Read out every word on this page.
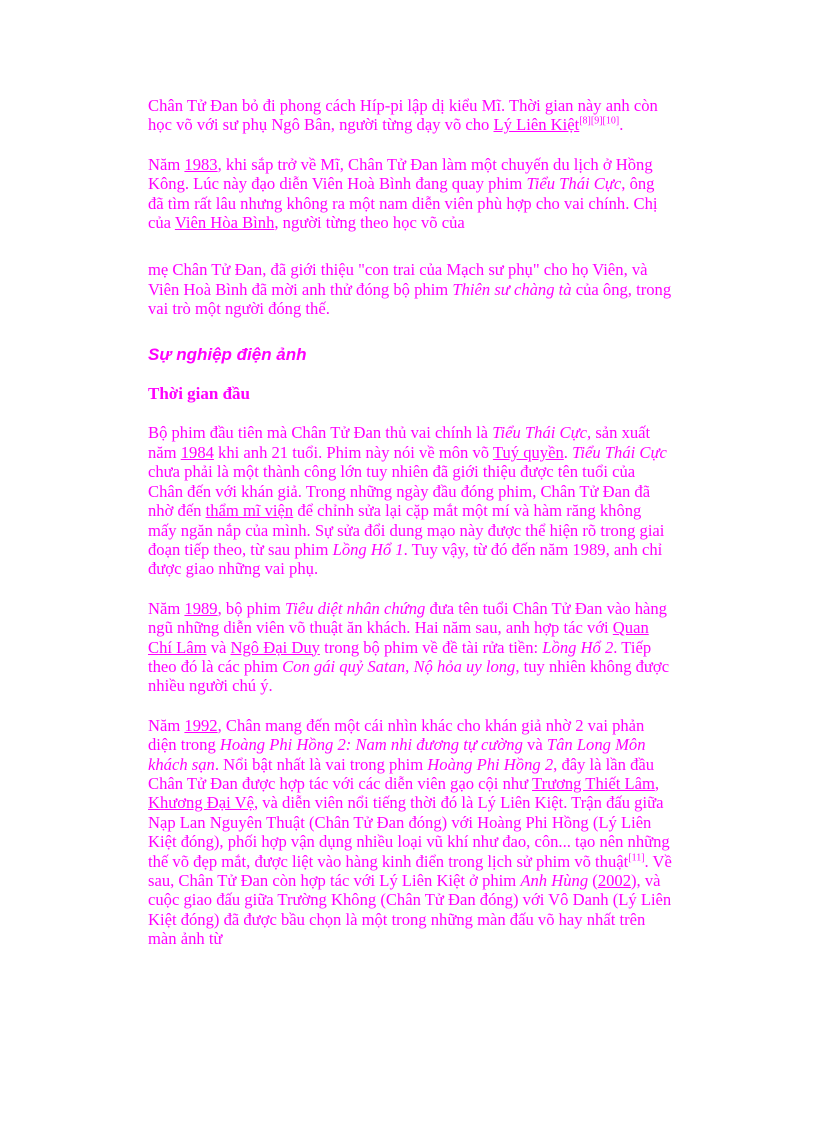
Chân Tử Đan bỏ đi phong cách Híp-pi lập dị kiểu Mĩ. Thời gian này anh còn học võ với sư phụ Ngô Bân, người từng dạy võ cho Lý Liên Kiệt[8][9][10].

Năm 1983, khi sắp trở về Mĩ, Chân Tử Đan làm một chuyến du lịch ở Hồng Kông. Lúc này đạo diễn Viên Hoà Bình đang quay phim Tiểu Thái Cực, ông đã tìm rất lâu nhưng không ra một nam diễn viên phù hợp cho vai chính. Chị của Viên Hòa Bình, người từng theo học võ của

mẹ Chân Tử Đan, đã giới thiệu "con trai của Mạch sư phụ" cho họ Viên, và Viên Hoà Bình đã mời anh thử đóng bộ phim Thiên sư chàng tà của ông, trong vai trò một người đóng thế.

Sự nghiệp điện ảnh
Thời gian đầu

Bộ phim đầu tiên mà Chân Tử Đan thủ vai chính là Tiểu Thái Cực, sản xuất năm 1984 khi anh 21 tuổi. Phim này nói về môn võ Tuý quyền. Tiểu Thái Cực chưa phải là một thành công lớn tuy nhiên đã giới thiệu được tên tuổi của Chân đến với khán giả. Trong những ngày đầu đóng phim, Chân Tử Đan đã nhờ đến thẩm mĩ viện để chỉnh sửa lại cặp mắt một mí và hàm răng không mấy ngăn nắp của mình. Sự sửa đổi dung mạo này được thể hiện rõ trong giai đoạn tiếp theo, từ sau phim Lồng Hổ 1. Tuy vậy, từ đó đến năm 1989, anh chỉ được giao những vai phụ.

Năm 1989, bộ phim Tiêu diệt nhân chứng đưa tên tuổi Chân Tử Đan vào hàng ngũ những diễn viên võ thuật ăn khách. Hai năm sau, anh hợp tác với Quan Chí Lâm và Ngô Đại Duy trong bộ phim về đề tài rửa tiền: Lồng Hổ 2. Tiếp theo đó là các phim Con gái quỷ Satan, Nộ hỏa uy long, tuy nhiên không được nhiều người chú ý.

Năm 1992, Chân mang đến một cái nhìn khác cho khán giả nhờ 2 vai phản diện trong Hoàng Phi Hồng 2: Nam nhi đương tự cường và Tân Long Môn khách sạn. Nổi bật nhất là vai trong phim Hoàng Phi Hồng 2, đây là lần đầu Chân Tử Đan được hợp tác với các diễn viên gạo cội như Trương Thiết Lâm, Khương Đại Vệ, và diễn viên nổi tiếng thời đó là Lý Liên Kiệt. Trận đấu giữa Nạp Lan Nguyên Thuật (Chân Tử Đan đóng) với Hoàng Phi Hồng (Lý Liên Kiệt đóng), phối hợp vận dụng nhiều loại vũ khí như đao, côn... tạo nên những thế võ đẹp mắt, được liệt vào hàng kinh điển trong lịch sử phim võ thuật[11]. Về sau, Chân Tử Đan còn hợp tác với Lý Liên Kiệt ở phim Anh Hùng (2002), và cuộc giao đấu giữa Trường Không (Chân Tử Đan đóng) với Vô Danh (Lý Liên Kiệt đóng) đã được bầu chọn là một trong những màn đấu võ hay nhất trên màn ảnh từ
